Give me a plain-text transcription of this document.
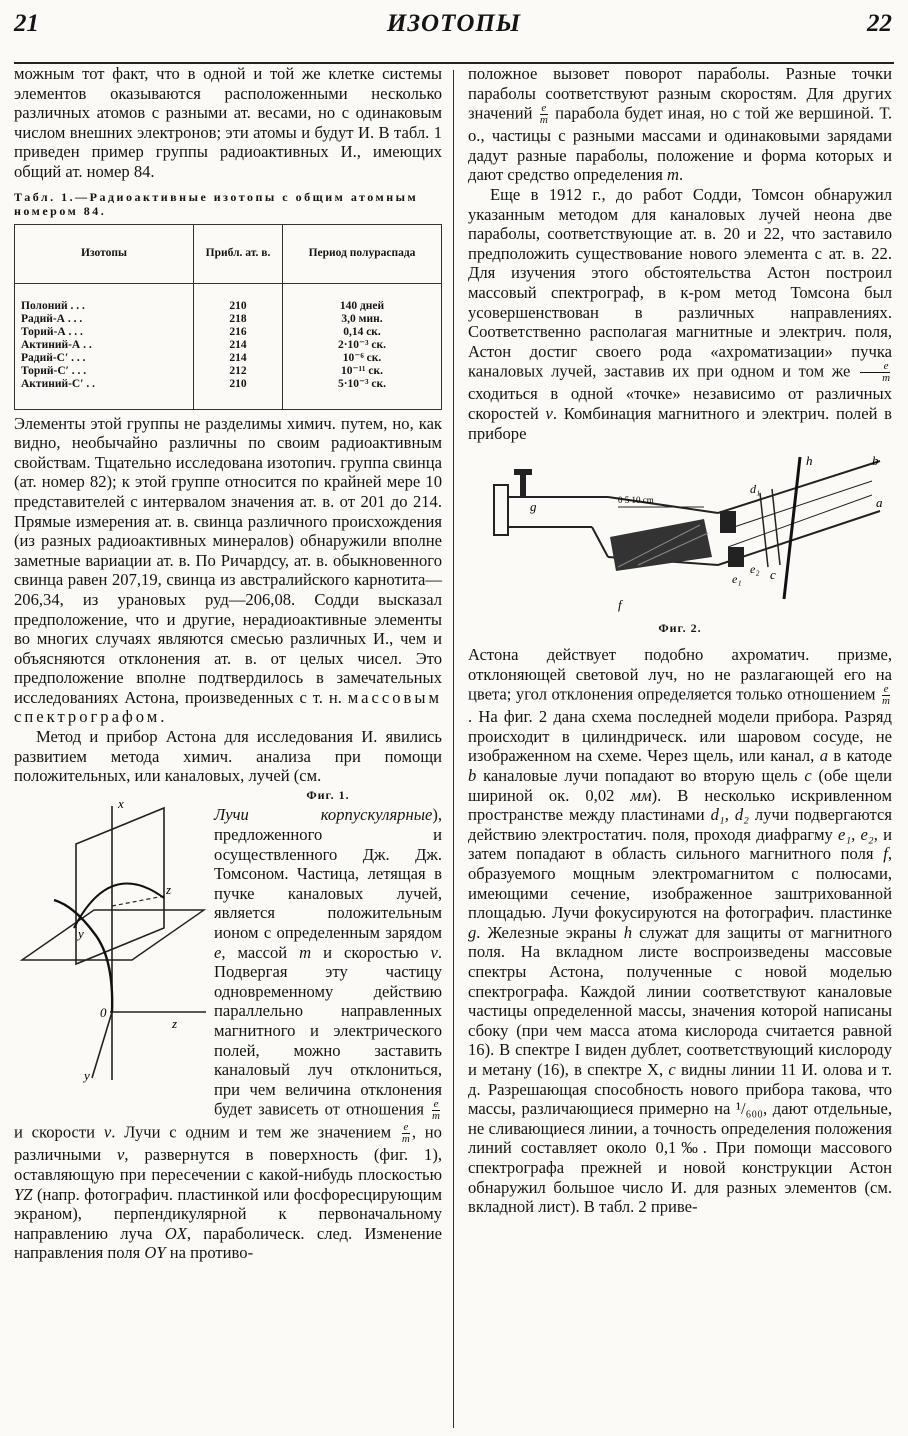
21	ИЗОТОПЫ	22

можным тот факт, что в одной и той же клетке системы элементов оказываются расположенными несколько различных атомов с разными ат. весами, но с одинаковым числом внешних электронов; эти атомы и будут И. В табл. 1 приведен пример группы радиоактивных И., имеющих общий ат. номер 84.

Табл. 1.—Радиоактивные изотопы с общим атомным номером 84.
Изотопы	Прибл. ат. в.	Период полураспада
Полоний . . .	210	140 дней
Радий-А . . .	218	3,0 мин.
Торий-А . . .	216	0,14 ск.
Актиний-А . .	214	2·10⁻³ ск.
Радий-С′ . . .	214	10⁻⁶ ск.
Торий-С′ . . .	212	10⁻¹¹ ск.
Актиний-С′ . .	210	5·10⁻³ ск.

Элементы этой группы не разделимы химич. путем, но, как видно, необычайно различны по своим радиоактивным свойствам. Тщательно исследована изотопич. группа свинца (ат. номер 82); к этой группе относится по крайней мере 10 представителей с интервалом значения ат. в. от 201 до 214. Прямые измерения ат. в. свинца различного происхождения (из разных радиоактивных минералов) обнаружили вполне заметные вариации ат. в. По Ричардсу, ат. в. обыкновенного свинца равен 207,19, свинца из австралийского карнотита—206,34, из урановых руд—206,08. Содди высказал предположение, что и другие, нерадиоактивные элементы во многих случаях являются смесью различных И., чем и объясняются отклонения ат. в. от целых чисел. Это предположение вполне подтвердилось в замечательных исследованиях Астона, произведенных с т. н. массовым спектрографом.

Метод и прибор Астона для исследования И. явились развитием метода химич. анализа при помощи положительных, или каналовых, лучей (см.
x
z
y
0
z
y

Фиг. 1.
Лучи корпускулярные), предложенного и осуществленного Дж. Дж. Томсоном. Частица, летящая в пучке каналовых лучей, является положительным ионом с определенным зарядом e, массой m и скоростью v. Подвергая эту частицу одновременному действию параллельно направленных магнитного и электрического полей, можно заставить каналовый луч отклониться, при чем величина отклонения будет зависеть от отношения $\frac{e}{m}$
и скорости v. Лучи с одним и тем же значением $\frac{e}{m}$ , но различными v, развернутся в поверхность (фиг. 1), оставляющую при пересечении с какой-нибудь плоскостью YZ (напр. фотографич. пластинкой или фосфоресцирующим экраном), перпендикулярной к первоначальному направлению луча OX, параболическ. след. Изменение направления поля OY на противо-

положное вызовет поворот параболы. Разные точки параболы соответствуют разным скоростям. Для других значений $\frac{e}{m}$ парабола будет иная, но с той же вершиной. Т. о., частицы с разными массами и одинаковыми зарядами дадут разные параболы, положение и форма которых и дают средство определения m.

Еще в 1912 г., до работ Содди, Томсон обнаружил указанным методом для каналовых лучей неона две параболы, соответствующие ат. в. 20 и 22, что заставило предположить существование нового элемента с ат. в. 22. Для изучения этого обстоятельства Астон построил массовый спектрограф, в к-ром метод Томсона был усовершенствован в различных направлениях. Соответственно располагая магнитные и электрич. поля, Астон достиг своего рода «ахроматизации» пучка каналовых лучей, заставив их при одном и том же $\frac{e}{m}$
сходиться в одной «точке» независимо от различных скоростей v. Комбинация магнитного и электрич. полей в приборе

0 5 10 cm
h	b
d₁
g
e₁
e₂ c
a
f
Фиг. 2.

Астона действует подобно ахроматич. призме, отклоняющей световой луч, но не разлагающей его на цвета; угол отклонения определяется только отношением $\frac{e}{m}$
. На фиг. 2 дана схема последней модели прибора. Разряд происходит в цилиндрическ. или шаровом сосуде, не изображенном на схеме. Через щель, или канал, a в катоде b каналовые лучи попадают во вторую щель c (обе щели шириной ок. 0,02 мм). В несколько искривленном пространстве между пластинами d₁, d₂ лучи подвергаются действию электростатич. поля, проходя диафрагму e₁, e₂, и затем попадают в область сильного магнитного поля f, образуемого мощным электромагнитом с полюсами, имеющими сечение, изображенное заштрихованной площадью. Лучи фокусируются на фотографич. пластинке g. Железные экраны h служат для защиты от магнитного поля. На вкладном листе воспроизведены массовые спектры Астона, полученные с новой моделью спектрографа. Каждой линии соответствуют каналовые частицы определенной массы, значения которой написаны сбоку (при чем масса атома кислорода считается равной 16). В спектре I виден дублет, соответствующий кислороду и метану (16), в спектре X, c видны линии 11 И. олова и т. д. Разрешающая способность нового прибора такова, что массы, различающиеся примерно на ¹/₆₀₀, дают отдельные, не сливающиеся линии, а точность определения положения линий составляет около 0,1‰. При помощи массового спектрографа прежней и новой конструкции Астон обнаружил большое число И. для разных элементов (см. вкладной лист). В табл. 2 приве-
